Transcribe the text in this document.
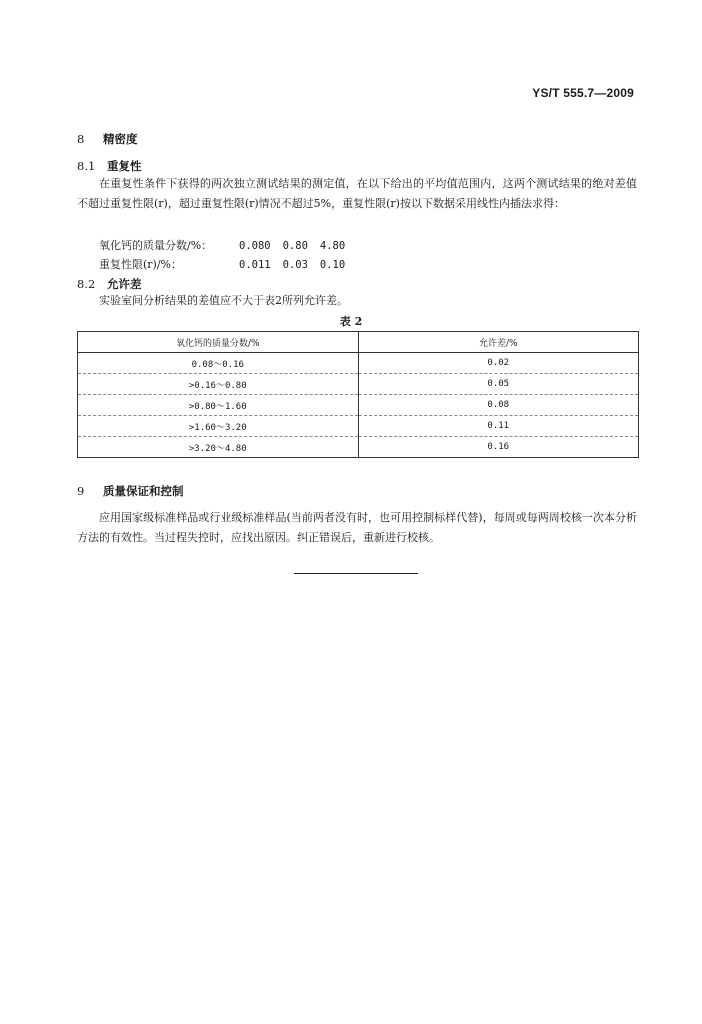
YS/T 555.7—2009
8 精密度
8.1 重复性
在重复性条件下获得的两次独立测试结果的测定值，在以下给出的平均值范围内，这两个测试结果的绝对差值不超过重复性限(r)，超过重复性限(r)情况不超过5%，重复性限(r)按以下数据采用线性内插法求得：
氧化钙的质量分数/%：	0.080 0.80 4.80
重复性限(r)/%：	0.011 0.03 0.10
8.2 允许差
实验室间分析结果的差值应不大于表2所列允许差。
表 2
氧化钙的质量分数/%	允许差/%
0.08～0.16	0.02
>0.16～0.80	0.05
>0.80～1.60	0.08
>1.60～3.20	0.11
>3.20～4.80	0.16
9 质量保证和控制
应用国家级标准样品或行业级标准样品(当前两者没有时，也可用控制标样代替)，每周或每两周校核一次本分析方法的有效性。当过程失控时，应找出原因。纠正错误后，重新进行校核。
